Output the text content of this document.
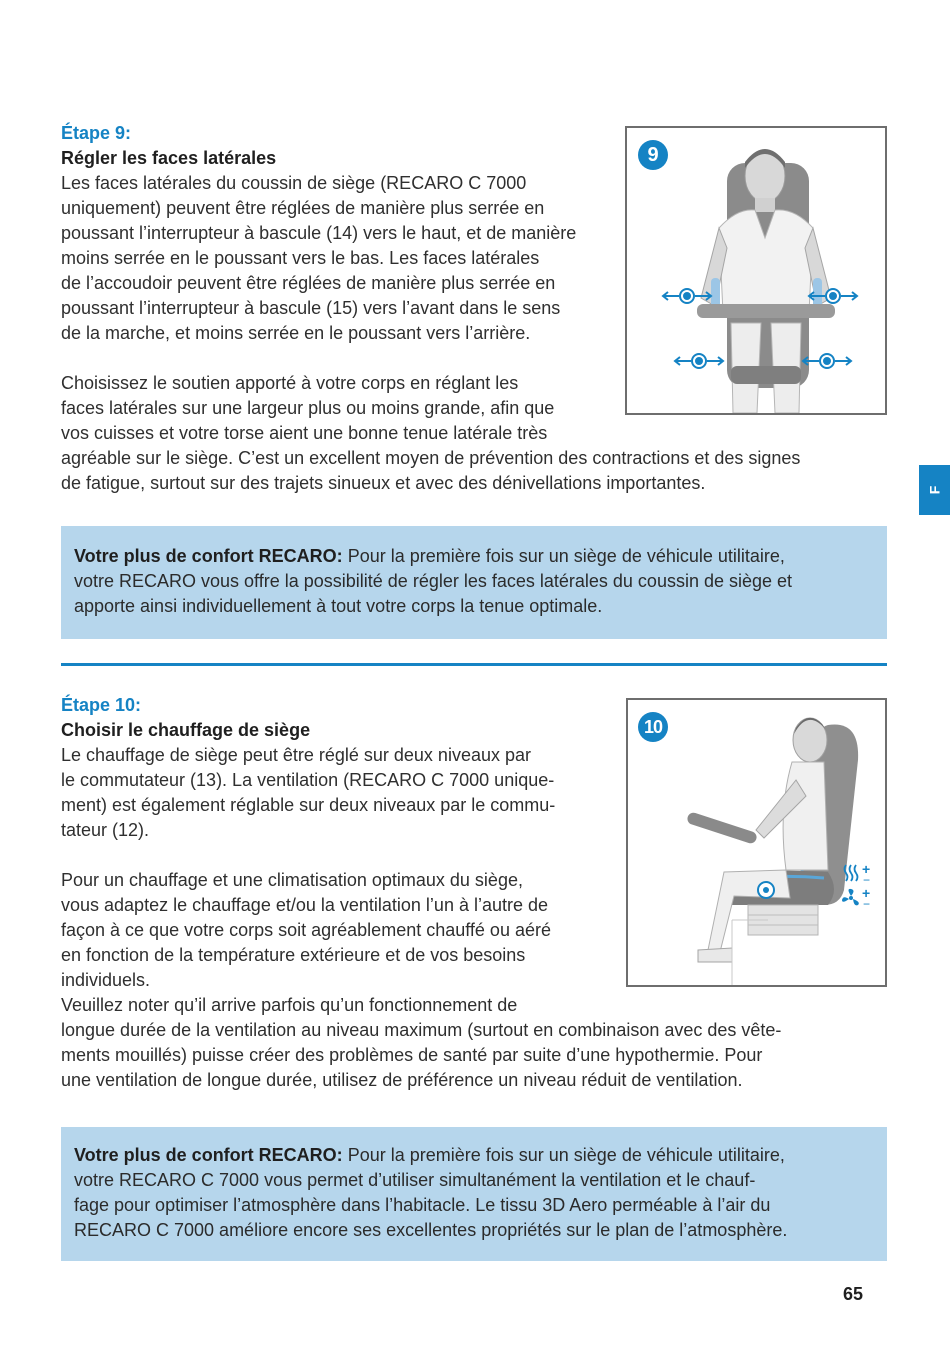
F
Étape 9:
Régler les faces latérales
Les faces latérales du coussin de siège (RECARO C 7000
uniquement) peuvent être réglées de manière plus serrée en
poussant l’interrupteur à bascule (14) vers le haut, et de manière
moins serrée en le poussant vers le bas. Les faces latérales
de l’accoudoir peuvent être réglées de manière plus serrée en
poussant l’interrupteur à bascule (15) vers l’avant dans le sens
de la marche, et moins serrée en le poussant vers l’arrière.
Choisissez le soutien apporté à votre corps en réglant les
faces latérales sur une largeur plus ou moins grande, afin que
vos cuisses et votre torse aient une bonne tenue latérale très
agréable sur le siège. C’est un excellent moyen de prévention des contractions et des signes
de fatigue, surtout sur des trajets sinueux et avec des dénivellations importantes.
9
Votre plus de confort RECARO: Pour la première fois sur un siège de véhicule utilitaire,
votre RECARO vous offre la possibilité de régler les faces latérales du coussin de siège et
apporte ainsi individuellement à tout votre corps la tenue optimale.
Étape 10:
Choisir le chauffage de siège
Le chauffage de siège peut être réglé sur deux niveaux par
le commutateur (13). La ventilation (RECARO C 7000 unique-
ment) est également réglable sur deux niveaux par le commu-
tateur (12).
Pour un chauffage et une climatisation optimaux du siège,
vous adaptez le chauffage et/ou la ventilation l’un à l’autre de
façon à ce que votre corps soit agréablement chauffé ou aéré
en fonction de la température extérieure et de vos besoins
individuels.
Veuillez noter qu’il arrive parfois qu’un fonctionnement de
longue durée de la ventilation au niveau maximum (surtout en combinaison avec des vête-
ments mouillés) puisse créer des problèmes de santé par suite d’une hypothermie. Pour
une ventilation de longue durée, utilisez de préférence un niveau réduit de ventilation.
+
−
+
−
10
Votre plus de confort RECARO: Pour la première fois sur un siège de véhicule utilitaire,
votre RECARO C 7000 vous permet d’utiliser simultanément la ventilation et le chauf-
fage pour optimiser l’atmosphère dans l’habitacle. Le tissu 3D Aero perméable à l’air du
RECARO C 7000 améliore encore ses excellentes propriétés sur le plan de l’atmosphère.
65
